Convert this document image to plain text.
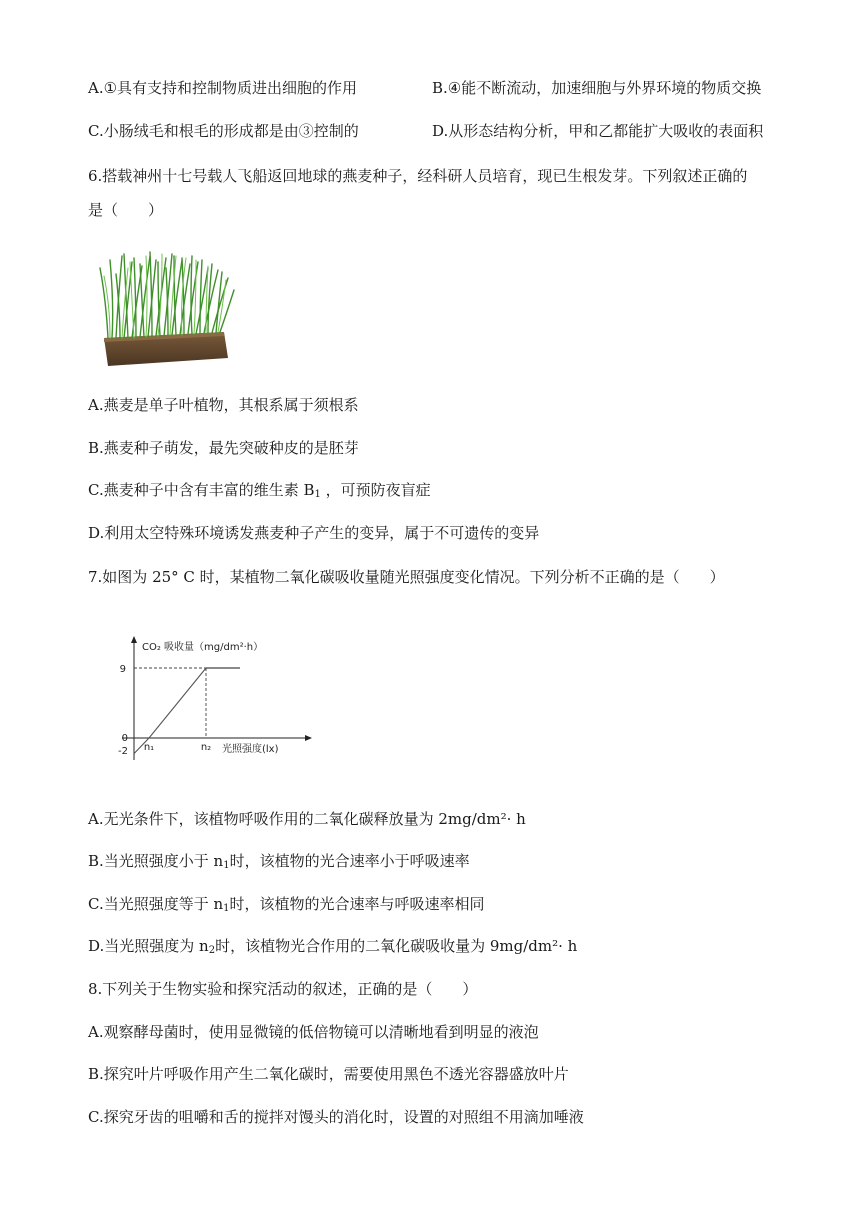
A.①具有支持和控制物质进出细胞的作用	B.④能不断流动，加速细胞与外界环境的物质交换
C.小肠绒毛和根毛的形成都是由③控制的	D.从形态结构分析，甲和乙都能扩大吸收的表面积
6.搭载神州十七号载人飞船返回地球的燕麦种子，经科研人员培育，现已生根发芽。下列叙述正确的
是（　　）
A.燕麦是单子叶植物，其根系属于须根系
B.燕麦种子萌发，最先突破种皮的是胚芽
C.燕麦种子中含有丰富的维生素 $B_1$ ，可预防夜盲症
D.利用太空特殊环境诱发燕麦种子产生的变异，属于不可遗传的变异
7.如图为 25° C 时，某植物二氧化碳吸收量随光照强度变化情况。下列分析不正确的是（　　）
CO₂ 吸收量（mg/dm²·h）
9
0
-2 n₁	n₂ 光照强度(lx)
A.无光条件下，该植物呼吸作用的二氧化碳释放量为 2mg/dm²· h
B.当光照强度小于 $n_1$时，该植物的光合速率小于呼吸速率
C.当光照强度等于 $n_1$时，该植物的光合速率与呼吸速率相同
D.当光照强度为 $n_2$时，该植物光合作用的二氧化碳吸收量为 9mg/dm²· h
8.下列关于生物实验和探究活动的叙述，正确的是（　　）
A.观察酵母菌时，使用显微镜的低倍物镜可以清晰地看到明显的液泡
B.探究叶片呼吸作用产生二氧化碳时，需要使用黑色不透光容器盛放叶片
C.探究牙齿的咀嚼和舌的搅拌对馒头的消化时，设置的对照组不用滴加唾液
